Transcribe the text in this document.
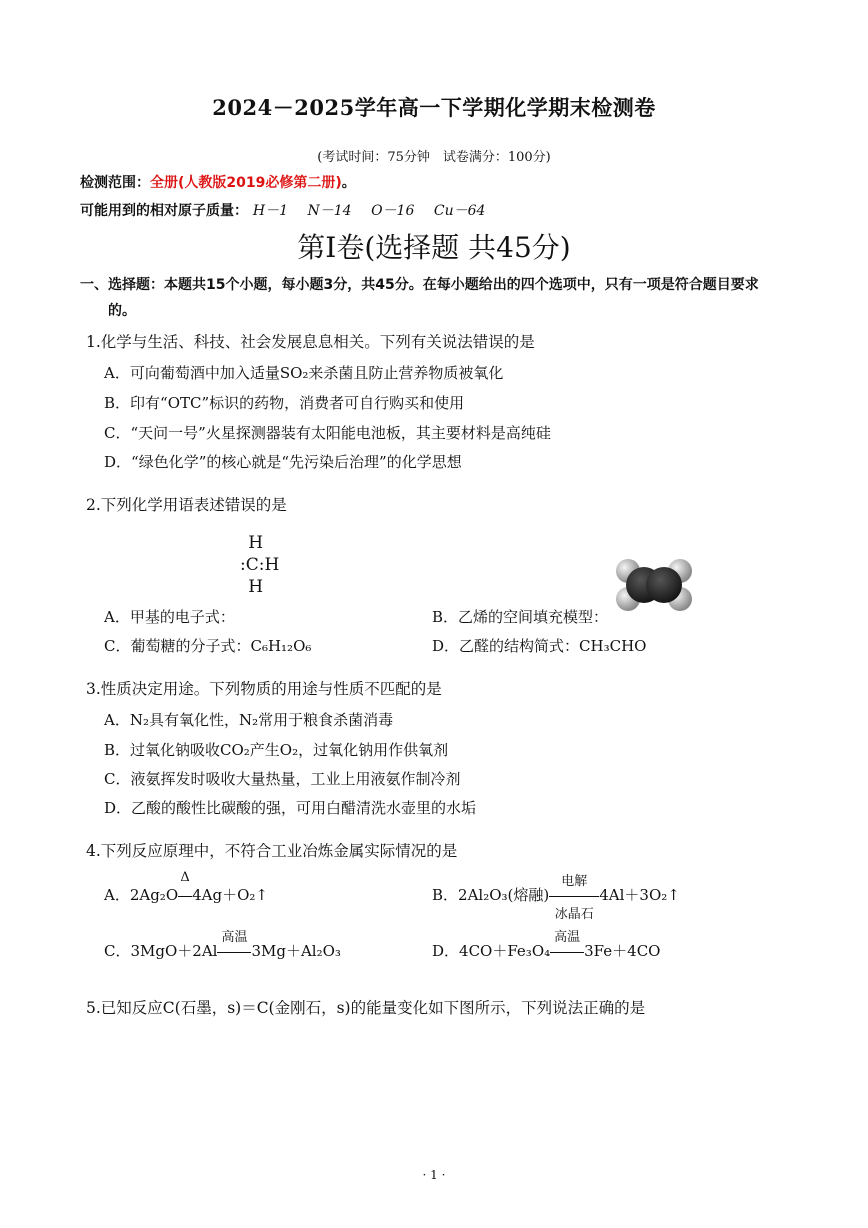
2024－2025学年高一下学期化学期末检测卷
(考试时间：75分钟　试卷满分：100分)
检测范围：全册(人教版2019必修第二册)。
可能用到的相对原子质量： H－1 N－14 O－16 Cu－64
第Ⅰ卷(选择题 共45分)
一、选择题：本题共15个小题，每小题3分，共45分。在每小题给出的四个选项中，只有一项是符合题目要求
的。
1.化学与生活、科技、社会发展息息相关。下列有关说法错误的是
A．可向葡萄酒中加入适量SO₂来杀菌且防止营养物质被氧化
B．印有“OTC”标识的药物，消费者可自行购买和使用
C．“天问一号”火星探测器装有太阳能电池板，其主要材料是高纯硅
D．“绿色化学”的核心就是“先污染后治理”的化学思想
2.下列化学用语表述错误的是
H
:C:H
H
A．甲基的电子式：	B．乙烯的空间填充模型：
C．葡萄糖的分子式：C₆H₁₂O₆	D．乙醛的结构简式：CH₃CHO
3.性质决定用途。下列物质的用途与性质不匹配的是
A．N₂具有氧化性，N₂常用于粮食杀菌消毒
B．过氧化钠吸收CO₂产生O₂，过氧化钠用作供氧剂
C．液氨挥发时吸收大量热量，工业上用液氨作制冷剂
D．乙酸的酸性比碳酸的强，可用白醋清洗水壶里的水垢
4.下列反应原理中，不符合工业冶炼金属实际情况的是
A．2Ag₂O
Δ
4Ag＋O₂↑	B．2Al₂O₃(熔融)
电解
冰晶石
4Al＋3O₂↑
C．3MgO＋2Al
高温
3Mg＋Al₂O₃	D．4CO＋Fe₃O₄
高温
3Fe＋4CO
5.已知反应C(石墨，s)＝C(金刚石，s)的能量变化如下图所示，下列说法正确的是
· 1 ·
